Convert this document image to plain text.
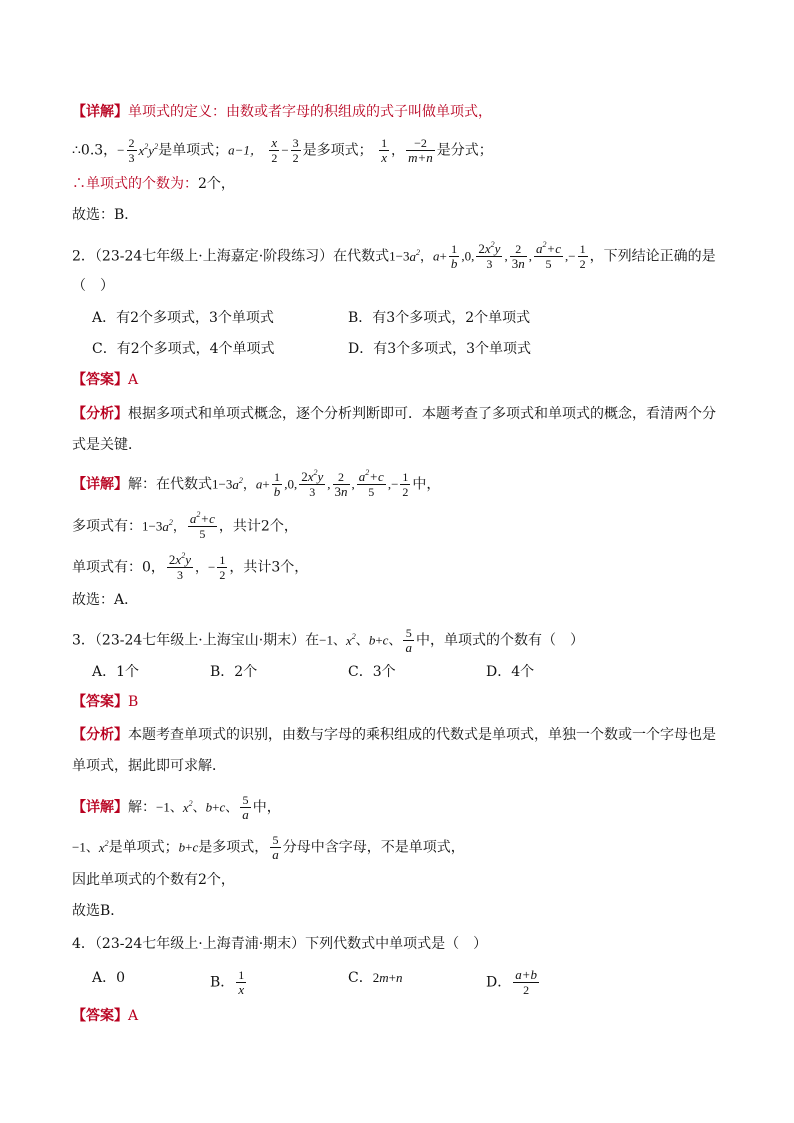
【详解】单项式的定义：由数或者字母的积组成的式子叫做单项式，
∴0.3，− $\frac{2}{3} x^2y^2$是单项式；a−1， $\frac{x}{2} - \frac{3}{2}$ 是多项式； $\frac{1}{x}$ ， $\frac{-2}{m+n}$ 是分式；
∴单项式的个数为：2个，
故选：B．
2．（23-24七年级上·上海嘉定·阶段练习）在代数式$1-3a^2$，$a+ \frac{1}{b} ,0$, $\frac{2x^2y}{3}$ , $\frac{2}{3n}$ , $\frac{a^2+c}{5}$ ,− $\frac{1}{2}$ ，下列结论正确的是
（　）
A．有2个多项式，3个单项式	B．有3个多项式，2个单项式
C．有2个多项式，4个单项式	D．有3个多项式，3个单项式
【答案】A
【分析】根据多项式和单项式概念，逐个分析判断即可．本题考查了多项式和单项式的概念，看清两个分
式是关键．
【详解】解：在代数式$1-3a^2$，$a+ \frac{1}{b} ,0$, $\frac{2x^2y}{3}$ , $\frac{2}{3n}$ , $\frac{a^2+c}{5}$ ,− $\frac{1}{2}$ 中，
多项式有：$1-3a^2$， $\frac{a^2+c}{5}$ ，共计2个，
单项式有：0， $\frac{2x^2y}{3}$ ，− $\frac{1}{2}$ ，共计3个，
故选：A．
3．（23-24七年级上·上海宝山·期末）在−1、$x^2$、b+c、 $\frac{5}{a}$ 中，单项式的个数有（　）
A．1个	B．2个	C．3个	D．4个
【答案】B
【分析】本题考查单项式的识别，由数与字母的乘积组成的代数式是单项式，单独一个数或一个字母也是
单项式，据此即可求解．
【详解】解：−1、$x^2$、b+c、 $\frac{5}{a}$ 中，
−1、$x^2$是单项式；b+c是多项式， $\frac{5}{a}$ 分母中含字母，不是单项式，
因此单项式的个数有2个，
故选B．
4．（23-24七年级上·上海青浦·期末）下列代数式中单项式是（　）
A．0	B． $\frac{1}{x}$	C．2m+n	D． $\frac{a+b}{2}$
【答案】A
